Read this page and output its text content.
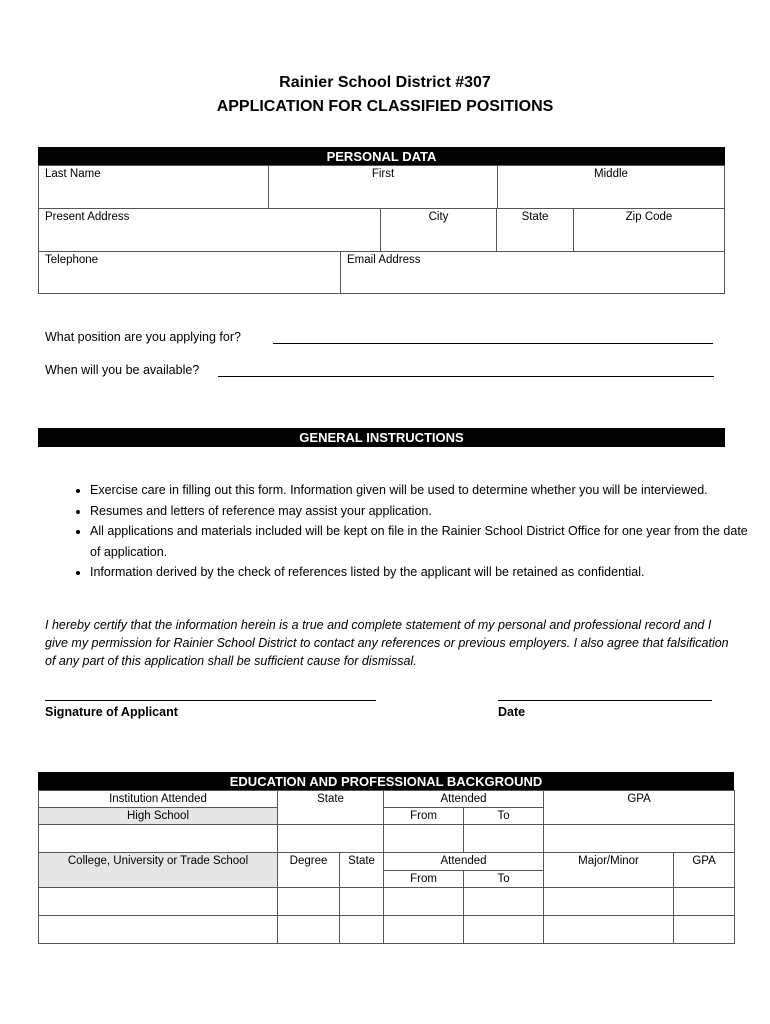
Rainier School District #307
APPLICATION FOR CLASSIFIED POSITIONS
PERSONAL DATA
Last Name	First	Middle
Present Address	City	State	Zip Code
Telephone	Email Address
What position are you applying for?
When will you be available?
GENERAL INSTRUCTIONS
• Exercise care in filling out this form. Information given will be used to determine whether you will be interviewed.
• Resumes and letters of reference may assist your application.
• All applications and materials included will be kept on file in the Rainier School District Office for one year from the date of application.
• Information derived by the check of references listed by the applicant will be retained as confidential.
I hereby certify that the information herein is a true and complete statement of my personal and professional record and I give my permission for Rainier School District to contact any references or previous employers. I also agree that falsification of any part of this application shall be sufficient cause for dismissal.
Signature of Applicant	Date
EDUCATION AND PROFESSIONAL BACKGROUND
Institution Attended	State		Attended		GPA	
High School			From	To		

College, University or Trade School	Degree	State	Attended		Major/Minor	GPA
			From	To		
